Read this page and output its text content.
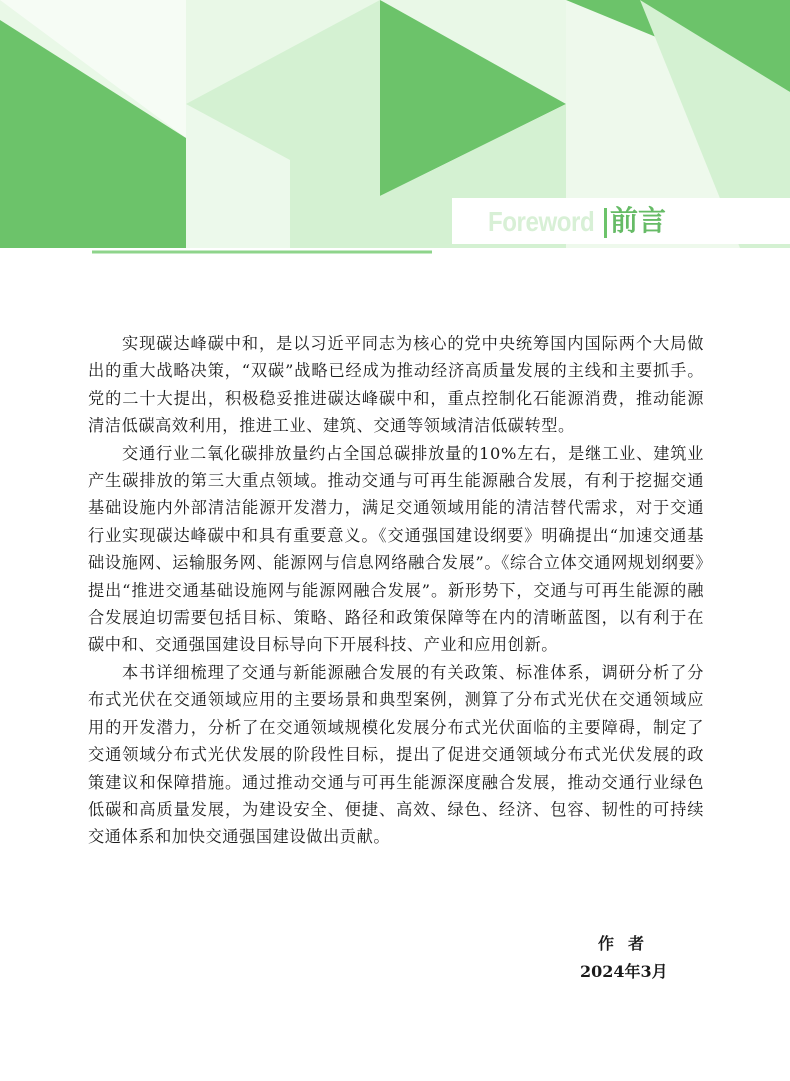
Foreword 前言

实现碳达峰碳中和，是以习近平同志为核心的党中央统筹国内国际两个大局做出的重大战略决策，“双碳”战略已经成为推动经济高质量发展的主线和主要抓手。党的二十大提出，积极稳妥推进碳达峰碳中和，重点控制化石能源消费，推动能源清洁低碳高效利用，推进工业、建筑、交通等领域清洁低碳转型。

交通行业二氧化碳排放量约占全国总碳排放量的10%左右，是继工业、建筑业产生碳排放的第三大重点领域。推动交通与可再生能源融合发展，有利于挖掘交通基础设施内外部清洁能源开发潜力，满足交通领域用能的清洁替代需求，对于交通行业实现碳达峰碳中和具有重要意义。《交通强国建设纲要》明确提出“加速交通基础设施网、运输服务网、能源网与信息网络融合发展”。《综合立体交通网规划纲要》提出“推进交通基础设施网与能源网融合发展”。新形势下，交通与可再生能源的融合发展迫切需要包括目标、策略、路径和政策保障等在内的清晰蓝图，以有利于在碳中和、交通强国建设目标导向下开展科技、产业和应用创新。

本书详细梳理了交通与新能源融合发展的有关政策、标准体系，调研分析了分布式光伏在交通领域应用的主要场景和典型案例，测算了分布式光伏在交通领域应用的开发潜力，分析了在交通领域规模化发展分布式光伏面临的主要障碍，制定了交通领域分布式光伏发展的阶段性目标，提出了促进交通领域分布式光伏发展的政策建议和保障措施。通过推动交通与可再生能源深度融合发展，推动交通行业绿色低碳和高质量发展，为建设安全、便捷、高效、绿色、经济、包容、韧性的可持续交通体系和加快交通强国建设做出贡献。

作者
2024年3月
